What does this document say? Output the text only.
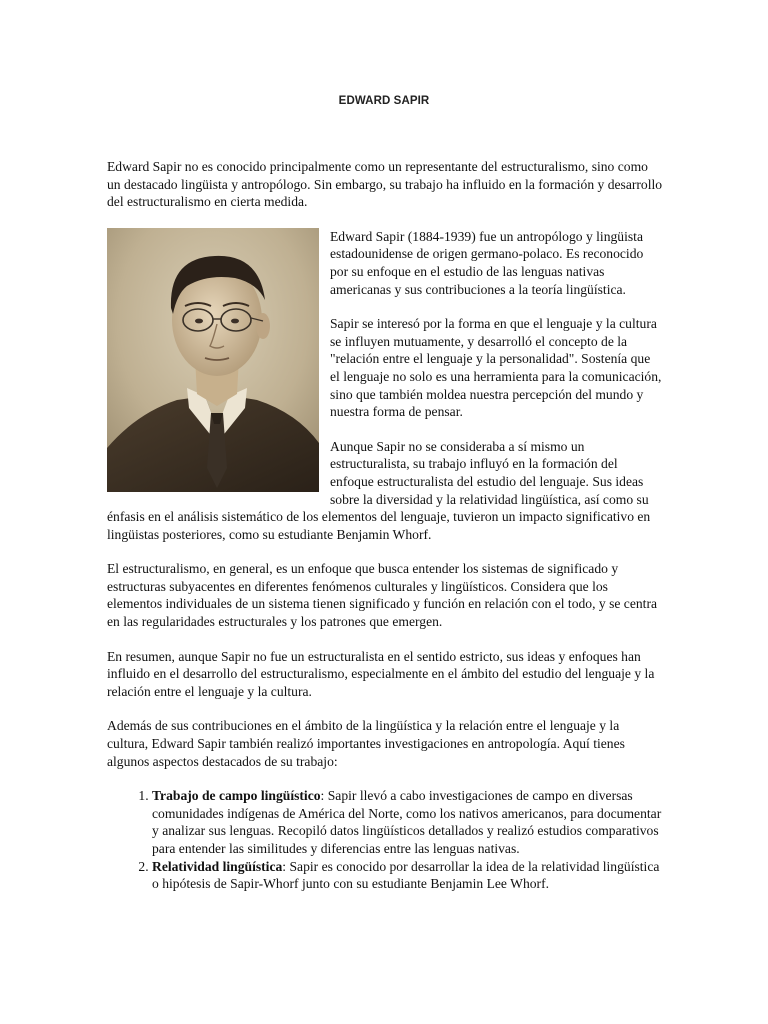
EDWARD SAPIR

Edward Sapir no es conocido principalmente como un representante del estructuralismo, sino como un destacado lingüista y antropólogo. Sin embargo, su trabajo ha influido en la formación y desarrollo del estructuralismo en cierta medida.

Edward Sapir (1884-1939) fue un antropólogo y lingüista estadounidense de origen germano-polaco. Es reconocido por su enfoque en el estudio de las lenguas nativas americanas y sus contribuciones a la teoría lingüística.

Sapir se interesó por la forma en que el lenguaje y la cultura se influyen mutuamente, y desarrolló el concepto de la "relación entre el lenguaje y la personalidad". Sostenía que el lenguaje no solo es una herramienta para la comunicación, sino que también moldea nuestra percepción del mundo y nuestra forma de pensar.

Aunque Sapir no se consideraba a sí mismo un estructuralista, su trabajo influyó en la formación del enfoque estructuralista del estudio del lenguaje. Sus ideas sobre la diversidad y la relatividad lingüística, así como su énfasis en el análisis sistemático de los elementos del lenguaje, tuvieron un impacto significativo en lingüistas posteriores, como su estudiante Benjamin Whorf.

El estructuralismo, en general, es un enfoque que busca entender los sistemas de significado y estructuras subyacentes en diferentes fenómenos culturales y lingüísticos. Considera que los elementos individuales de un sistema tienen significado y función en relación con el todo, y se centra en las regularidades estructurales y los patrones que emergen.

En resumen, aunque Sapir no fue un estructuralista en el sentido estricto, sus ideas y enfoques han influido en el desarrollo del estructuralismo, especialmente en el ámbito del estudio del lenguaje y la relación entre el lenguaje y la cultura.

Además de sus contribuciones en el ámbito de la lingüística y la relación entre el lenguaje y la cultura, Edward Sapir también realizó importantes investigaciones en antropología. Aquí tienes algunos aspectos destacados de su trabajo:

1. Trabajo de campo lingüístico: Sapir llevó a cabo investigaciones de campo en diversas comunidades indígenas de América del Norte, como los nativos americanos, para documentar y analizar sus lenguas. Recopiló datos lingüísticos detallados y realizó estudios comparativos para entender las similitudes y diferencias entre las lenguas nativas.
2. Relatividad lingüística: Sapir es conocido por desarrollar la idea de la relatividad lingüística o hipótesis de Sapir-Whorf junto con su estudiante Benjamin Lee Whorf.
